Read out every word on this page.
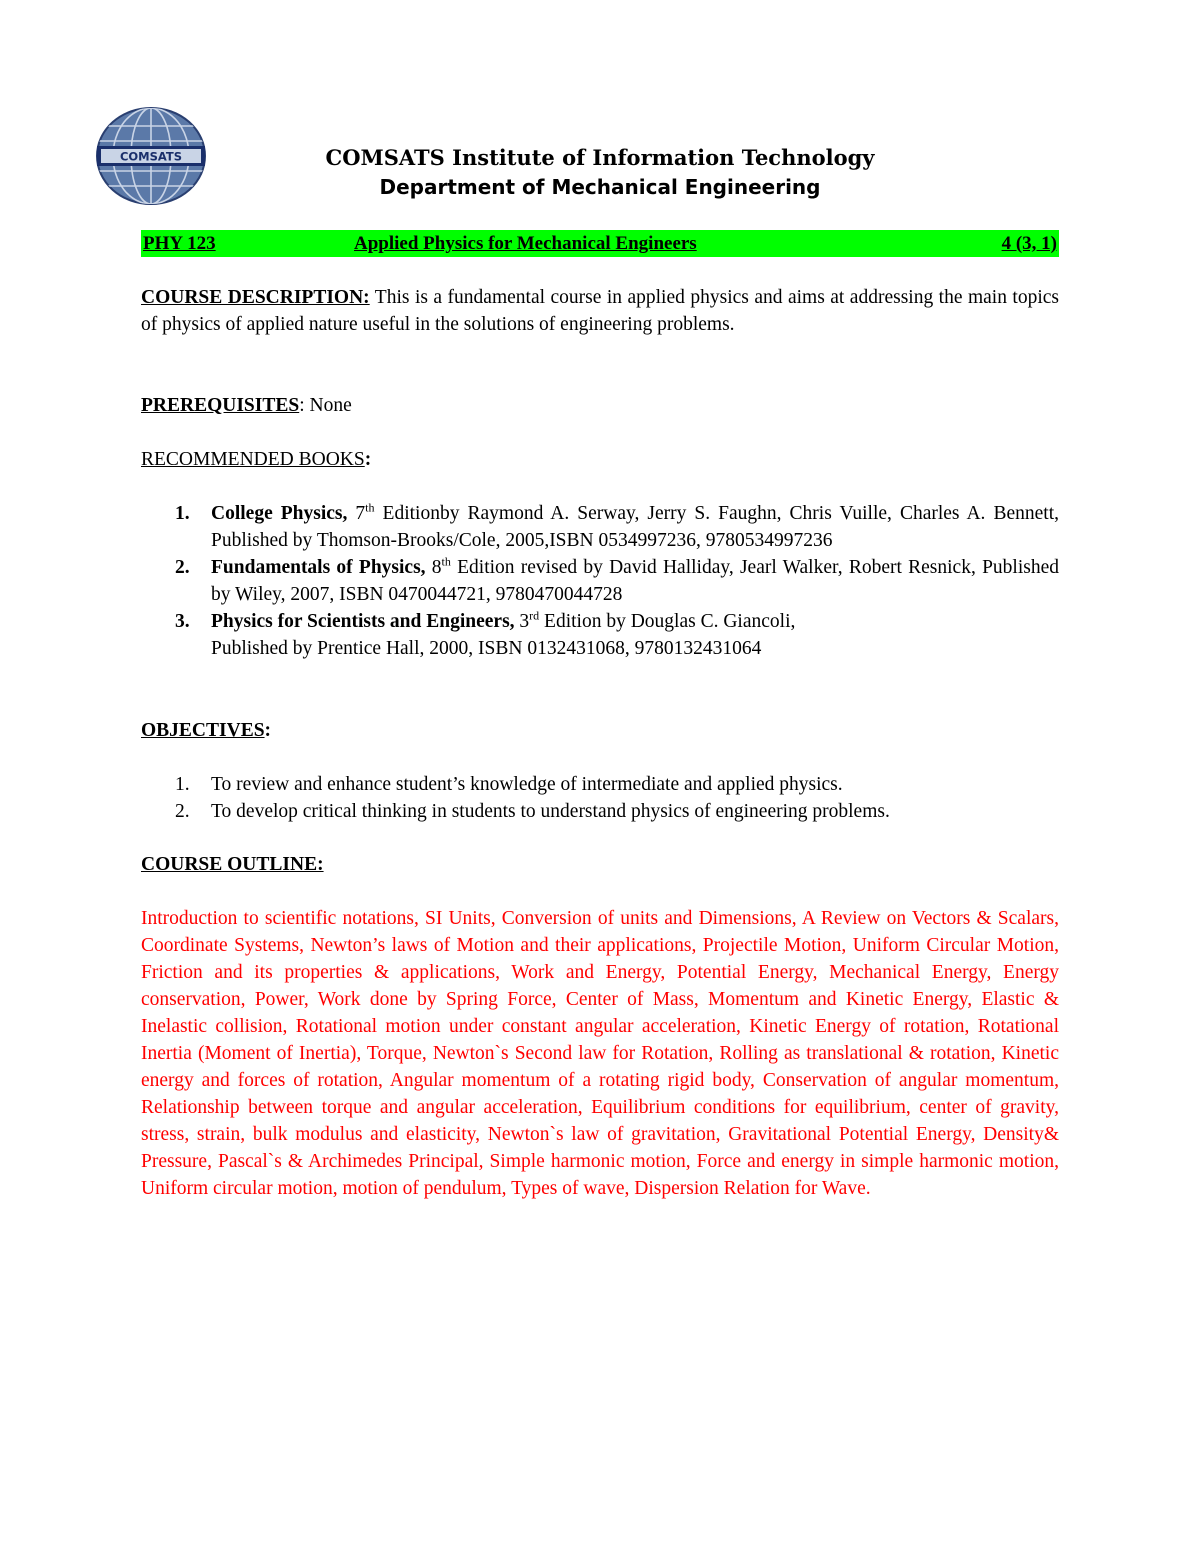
COMSATS	COMSATS Institute of Information Technology
Department of Mechanical Engineering
PHY 123	Applied Physics for Mechanical Engineers	4 (3, 1)
COURSE DESCRIPTION: This is a fundamental course in applied physics and aims at addressing the main topics of physics of applied nature useful in the solutions of engineering problems.
PREREQUISITES: None
RECOMMENDED BOOKS:
1. College Physics, 7th Editionby Raymond A. Serway, Jerry S. Faughn, Chris Vuille, Charles A. Bennett, Published by Thomson-Brooks/Cole, 2005,ISBN 0534997236, 9780534997236
2. Fundamentals of Physics, 8th Edition revised by David Halliday, Jearl Walker, Robert Resnick, Published by Wiley, 2007, ISBN 0470044721, 9780470044728
3. Physics for Scientists and Engineers, 3rd Edition by Douglas C. Giancoli,
Published by Prentice Hall, 2000, ISBN 0132431068, 9780132431064
OBJECTIVES:
1. To review and enhance student’s knowledge of intermediate and applied physics.
2. To develop critical thinking in students to understand physics of engineering problems.
COURSE OUTLINE:
Introduction to scientific notations, SI Units, Conversion of units and Dimensions, A Review on Vectors & Scalars, Coordinate Systems, Newton’s laws of Motion and their applications, Projectile Motion, Uniform Circular Motion, Friction and its properties & applications, Work and Energy, Potential Energy, Mechanical Energy, Energy conservation, Power, Work done by Spring Force, Center of Mass, Momentum and Kinetic Energy, Elastic & Inelastic collision, Rotational motion under constant angular acceleration, Kinetic Energy of rotation, Rotational Inertia (Moment of Inertia), Torque, Newton`s Second law for Rotation, Rolling as translational & rotation, Kinetic energy and forces of rotation, Angular momentum of a rotating rigid body, Conservation of angular momentum, Relationship between torque and angular acceleration, Equilibrium conditions for equilibrium, center of gravity, stress, strain, bulk modulus and elasticity, Newton`s law of gravitation, Gravitational Potential Energy, Density& Pressure, Pascal`s & Archimedes Principal, Simple harmonic motion, Force and energy in simple harmonic motion, Uniform circular motion, motion of pendulum, Types of wave, Dispersion Relation for Wave.
